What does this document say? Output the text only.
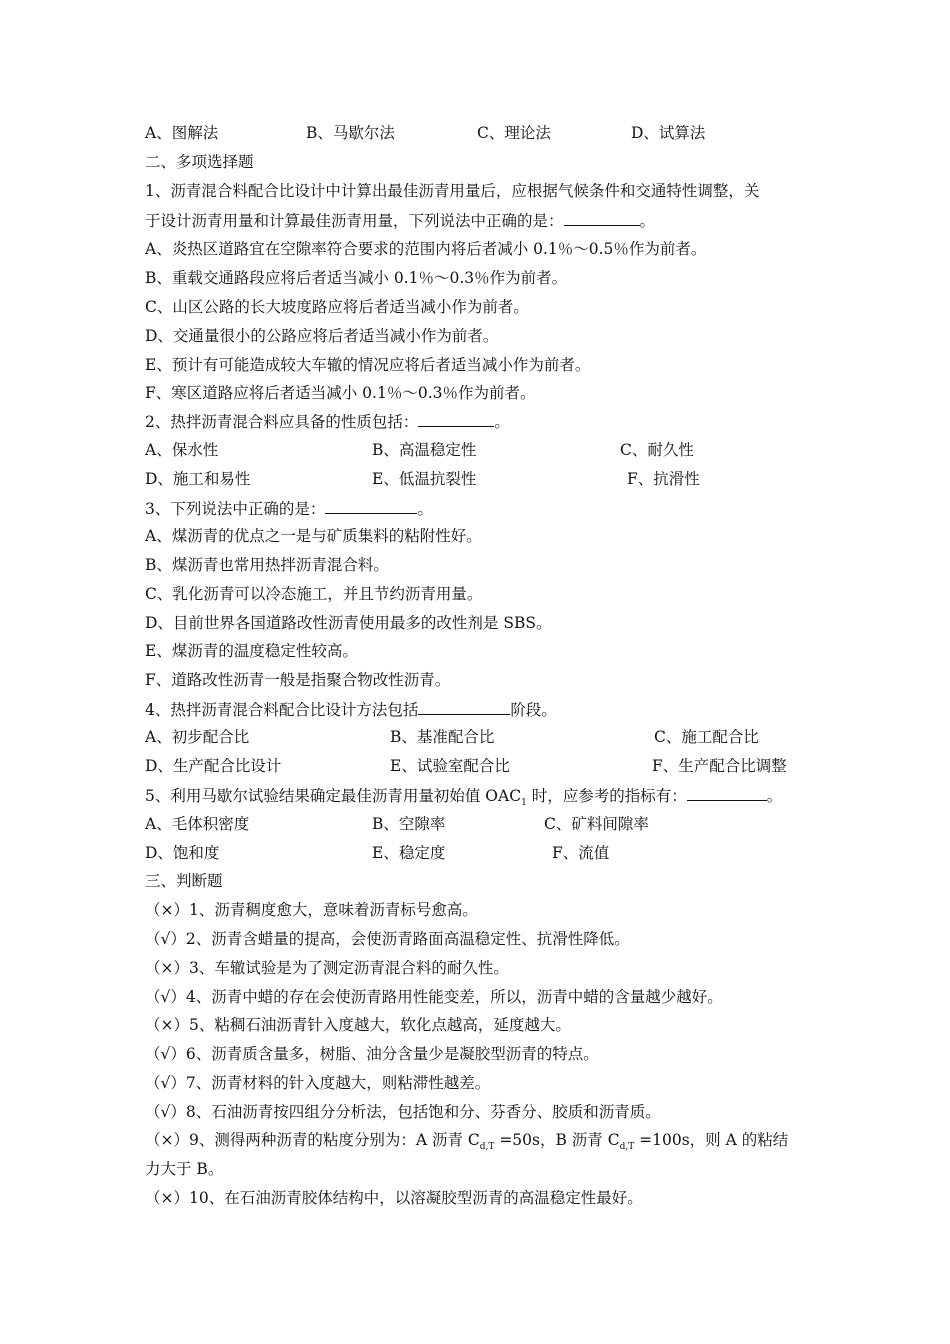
A、图解法	B、马歇尔法	C、理论法	D、试算法
二、多项选择题
1、沥青混合料配合比设计中计算出最佳沥青用量后，应根据气候条件和交通特性调整，关
于设计沥青用量和计算最佳沥青用量，下列说法中正确的是：	。
A、炎热区道路宜在空隙率符合要求的范围内将后者减小 0.1％～0.5％作为前者。
B、重载交通路段应将后者适当减小 0.1％～0.3％作为前者。
C、山区公路的长大坡度路应将后者适当减小作为前者。
D、交通量很小的公路应将后者适当减小作为前者。
E、预计有可能造成较大车辙的情况应将后者适当减小作为前者。
F、寒区道路应将后者适当减小 0.1％～0.3％作为前者。
2、热拌沥青混合料应具备的性质包括：	。
A、保水性	B、高温稳定性	C、耐久性
D、施工和易性	E、低温抗裂性	F、抗滑性
3、下列说法中正确的是：	。
A、煤沥青的优点之一是与矿质集料的粘附性好。
B、煤沥青也常用热拌沥青混合料。
C、乳化沥青可以冷态施工，并且节约沥青用量。
D、目前世界各国道路改性沥青使用最多的改性剂是 SBS。
E、煤沥青的温度稳定性较高。
F、道路改性沥青一般是指聚合物改性沥青。
4、热拌沥青混合料配合比设计方法包括	阶段。
A、初步配合比	B、基准配合比	C、施工配合比
D、生产配合比设计	E、试验室配合比	F、生产配合比调整
5、利用马歇尔试验结果确定最佳沥青用量初始值 $OAC_1$ 时，应参考的指标有：	。
A、毛体积密度	B、空隙率	C、矿料间隙率
D、饱和度	E、稳定度	F、流值
三、判断题
（×）1、沥青稠度愈大，意味着沥青标号愈高。
（√）2、沥青含蜡量的提高，会使沥青路面高温稳定性、抗滑性降低。
（×）3、车辙试验是为了测定沥青混合料的耐久性。
（√）4、沥青中蜡的存在会使沥青路用性能变差，所以，沥青中蜡的含量越少越好。
（×）5、粘稠石油沥青针入度越大，软化点越高，延度越大。
（√）6、沥青质含量多，树脂、油分含量少是凝胶型沥青的特点。
（√）7、沥青材料的针入度越大，则粘滞性越差。
（√）8、石油沥青按四组分分析法，包括饱和分、芬香分、胶质和沥青质。
（×）9、测得两种沥青的粘度分别为：A 沥青 $C_{d,T} =50s$，B 沥青 $C_{d,T} =100s$，则 A 的粘结
力大于 B。
（×）10、在石油沥青胶体结构中，以溶凝胶型沥青的高温稳定性最好。
